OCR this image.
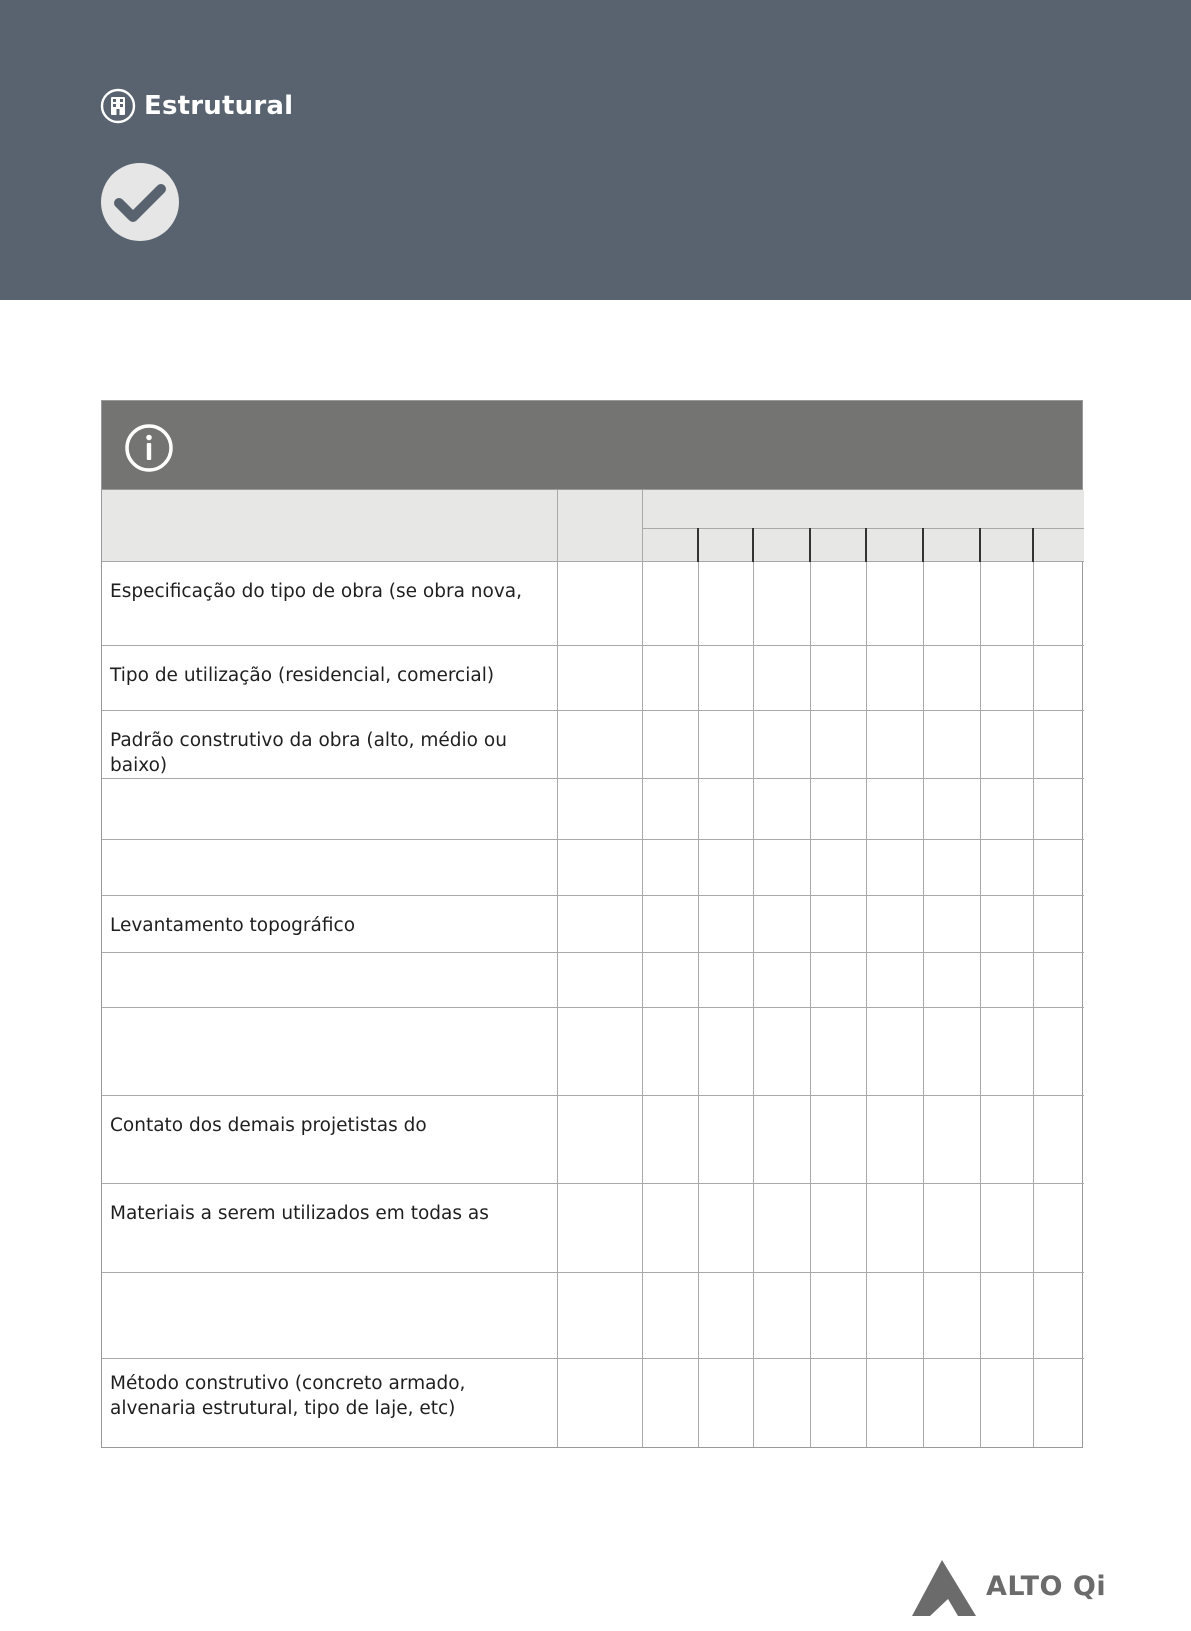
Estrutural

Especificação do tipo de obra (se obra nova,									
Tipo de utilização (residencial, comercial)									
Padrão construtivo da obra (alto, médio ou baixo)									

Levantamento topográfico									

Contato dos demais projetistas do									
Materiais a serem utilizados em todas as									

Método construtivo (concreto armado, alvenaria estrutural, tipo de laje, etc)									
ALTO Qi
